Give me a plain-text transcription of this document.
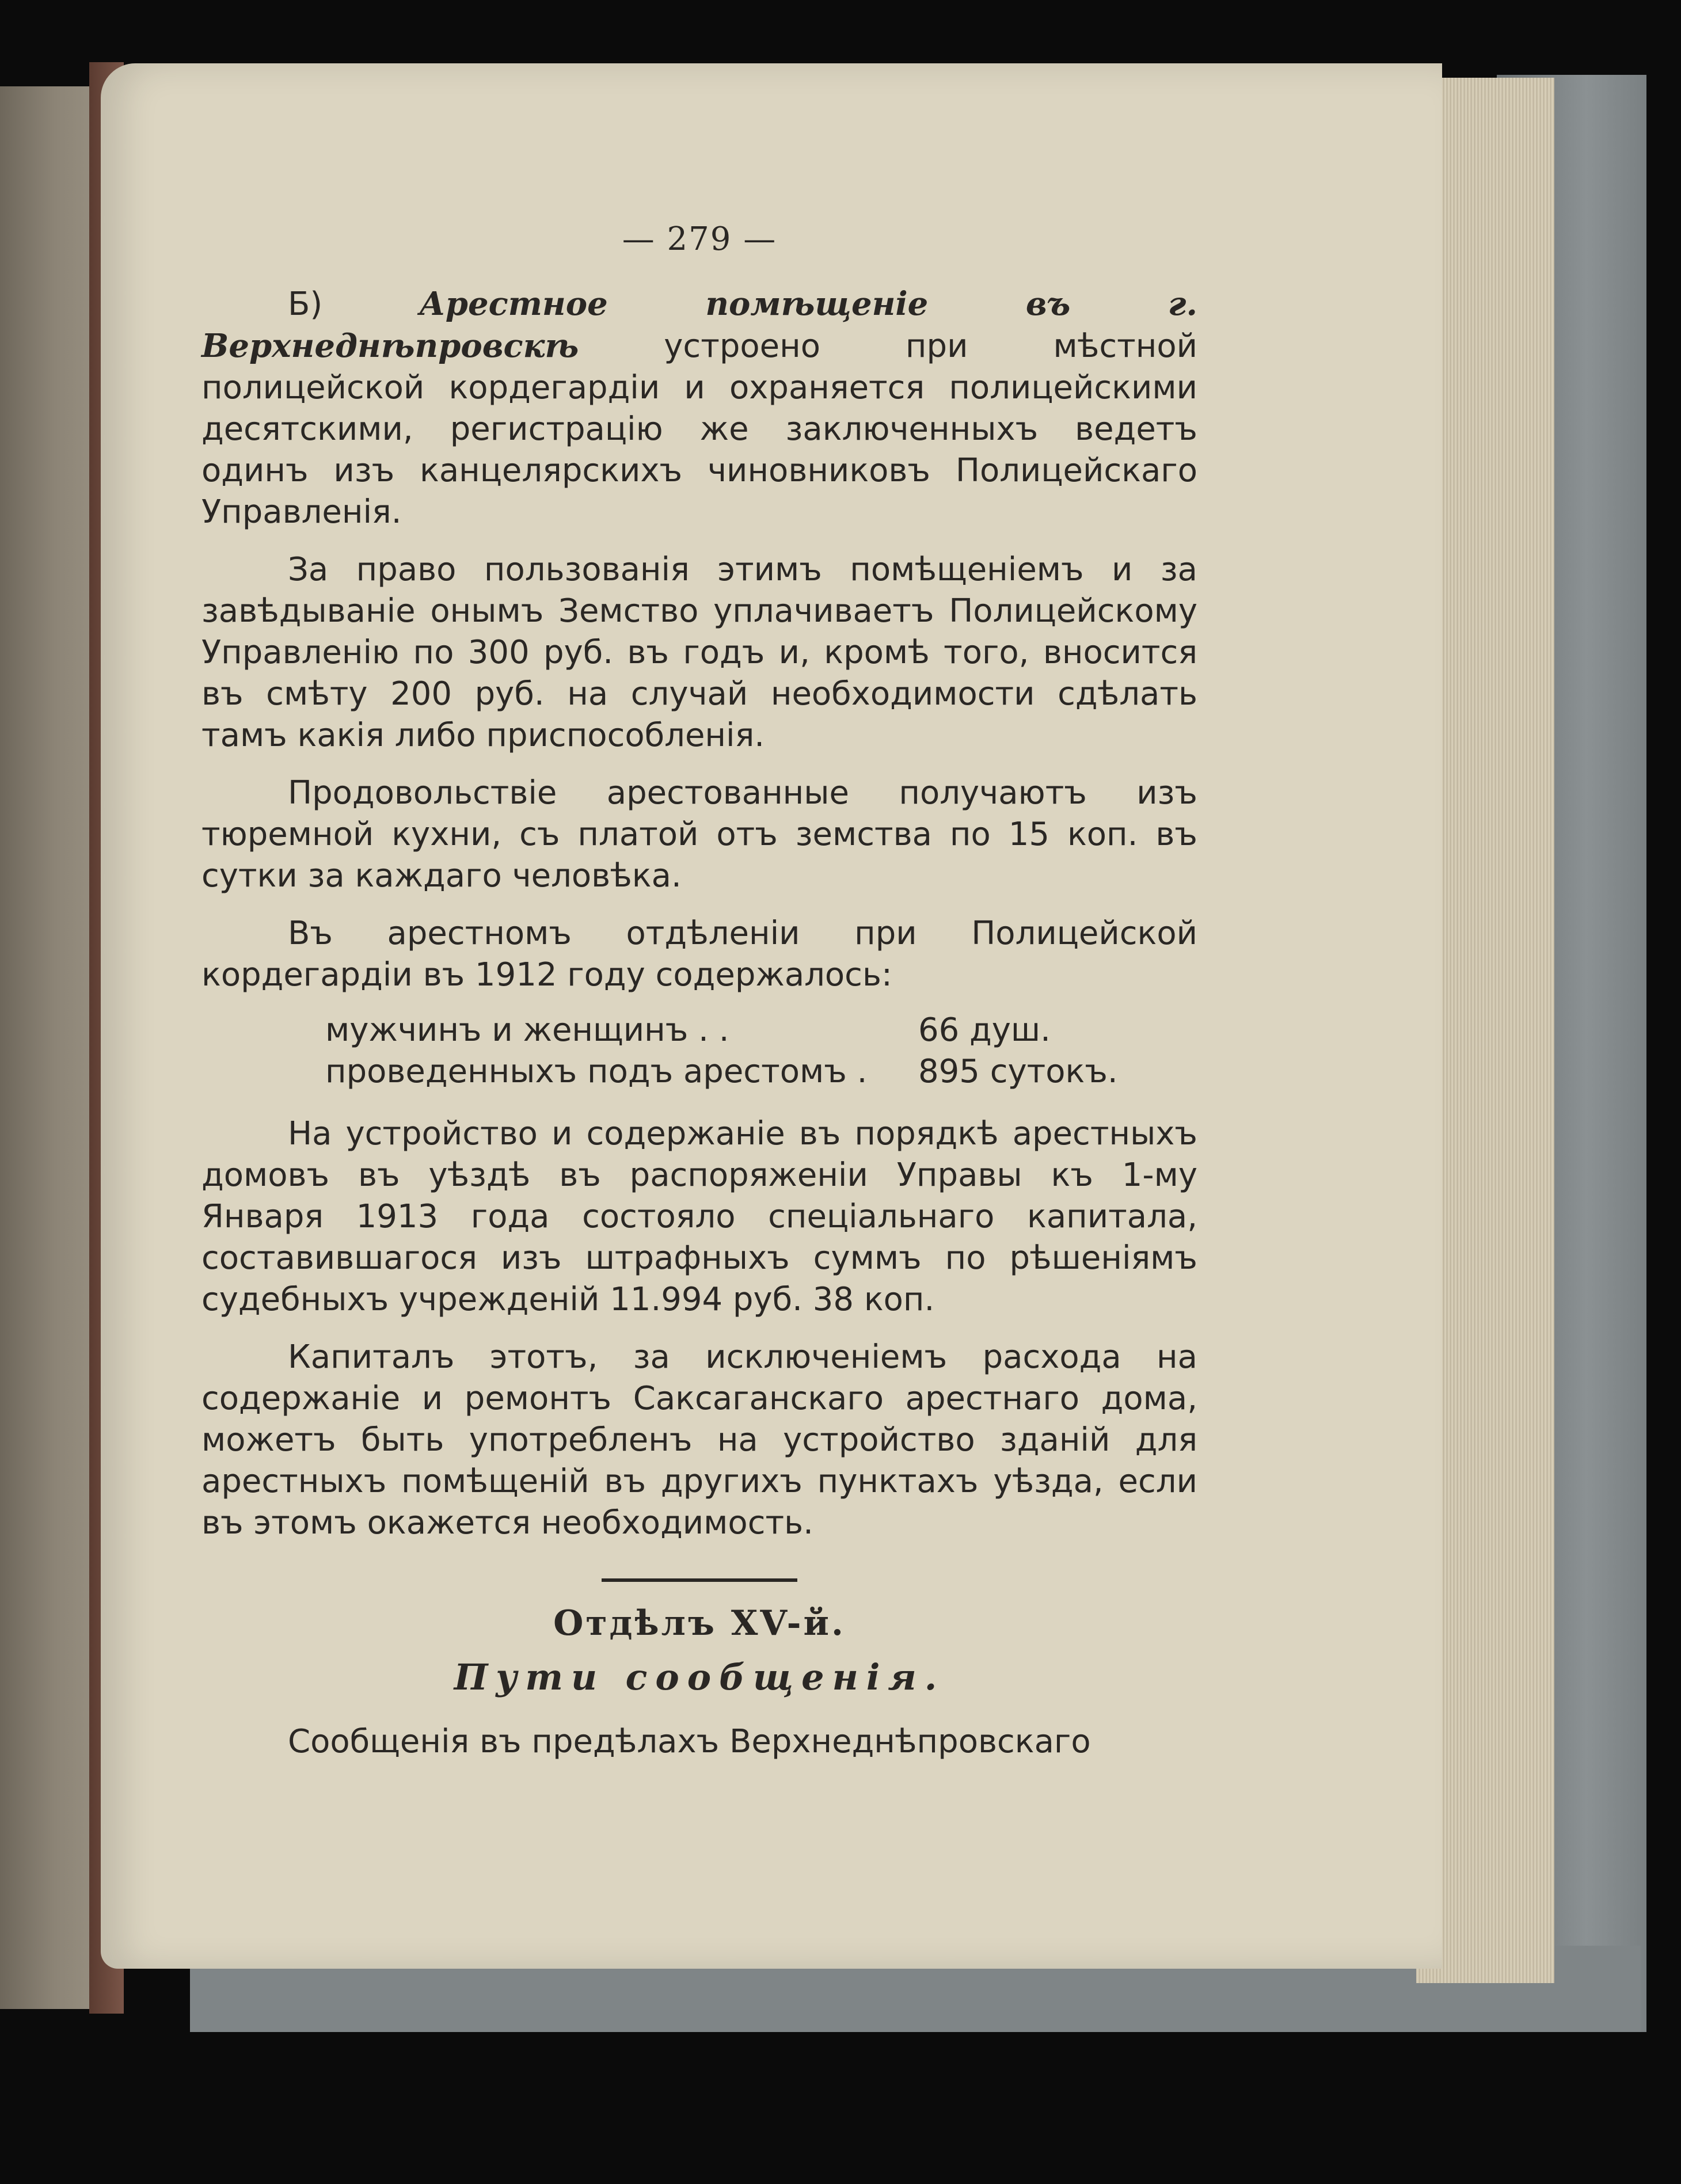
— 279 —

Б) Арестное помѣщеніе въ г. Верхнеднѣпровскѣ устроено при мѣстной полицейской кордегардіи и охраняется полицейскими десятскими, регистрацію же заключенныхъ ведетъ одинъ изъ канцелярскихъ чиновниковъ Полицейскаго Управленія.

За право пользованія этимъ помѣщеніемъ и за завѣдываніе онымъ Земство уплачиваетъ Полицейскому Управленію по 300 руб. въ годъ и, кромѣ того, вносится въ смѣту 200 руб. на случай необходимости сдѣлать тамъ какія либо приспособленія.

Продовольствіе арестованные получаютъ изъ тюремной кухни, съ платой отъ земства по 15 коп. въ сутки за каждаго человѣка.

Въ арестномъ отдѣленіи при Полицейской кордегардіи въ 1912 году содержалось:

мужчинъ и женщинъ . .	66 душ.
проведенныхъ подъ арестомъ .	895 сутокъ.

На устройство и содержаніе въ порядкѣ арестныхъ домовъ въ уѣздѣ въ распоряженіи Управы къ 1-му Января 1913 года состояло спеціальнаго капитала, составившагося изъ штрафныхъ суммъ по рѣшеніямъ судебныхъ учрежденій 11.994 руб. 38 коп.

Капиталъ этотъ, за исключеніемъ расхода на содержаніе и ремонтъ Саксаганскаго арестнаго дома, можетъ быть употребленъ на устройство зданій для арестныхъ помѣщеній въ другихъ пунктахъ уѣзда, если въ этомъ окажется необходимость.

Отдѣлъ XV-й.
Пути сообщенія.

Сообщенія въ предѣлахъ Верхнеднѣпровскаго
